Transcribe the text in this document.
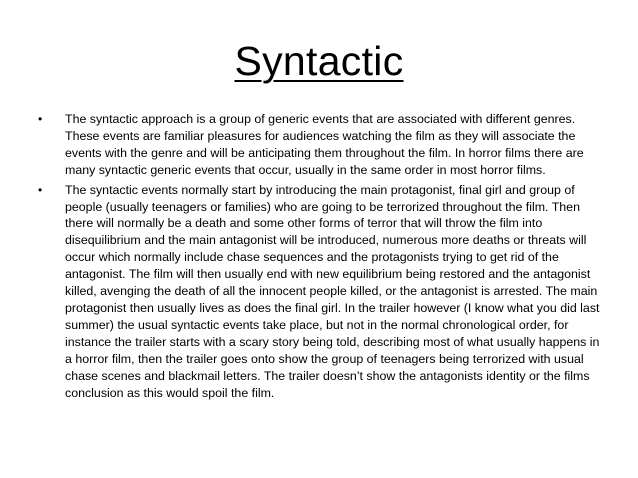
Syntactic
• The syntactic approach is a group of generic events that are associated with different genres. These events are familiar pleasures for audiences watching the film as they will associate the events with the genre and will be anticipating them throughout the film. In horror films there are many syntactic generic events that occur, usually in the same order in most horror films.
• The syntactic events normally start by introducing the main protagonist, final girl and group of people (usually teenagers or families) who are going to be terrorized throughout the film. Then there will normally be a death and some other forms of terror that will throw the film into disequilibrium and the main antagonist will be introduced, numerous more deaths or threats will occur which normally include chase sequences and the protagonists trying to get rid of the antagonist. The film will then usually end with new equilibrium being restored and the antagonist killed, avenging the death of all the innocent people killed, or the antagonist is arrested. The main protagonist then usually lives as does the final girl. In the trailer however (I know what you did last summer) the usual syntactic events take place, but not in the normal chronological order, for instance the trailer starts with a scary story being told, describing most of what usually happens in a horror film, then the trailer goes onto show the group of teenagers being terrorized with usual chase scenes and blackmail letters. The trailer doesn’t show the antagonists identity or the films conclusion as this would spoil the film.
